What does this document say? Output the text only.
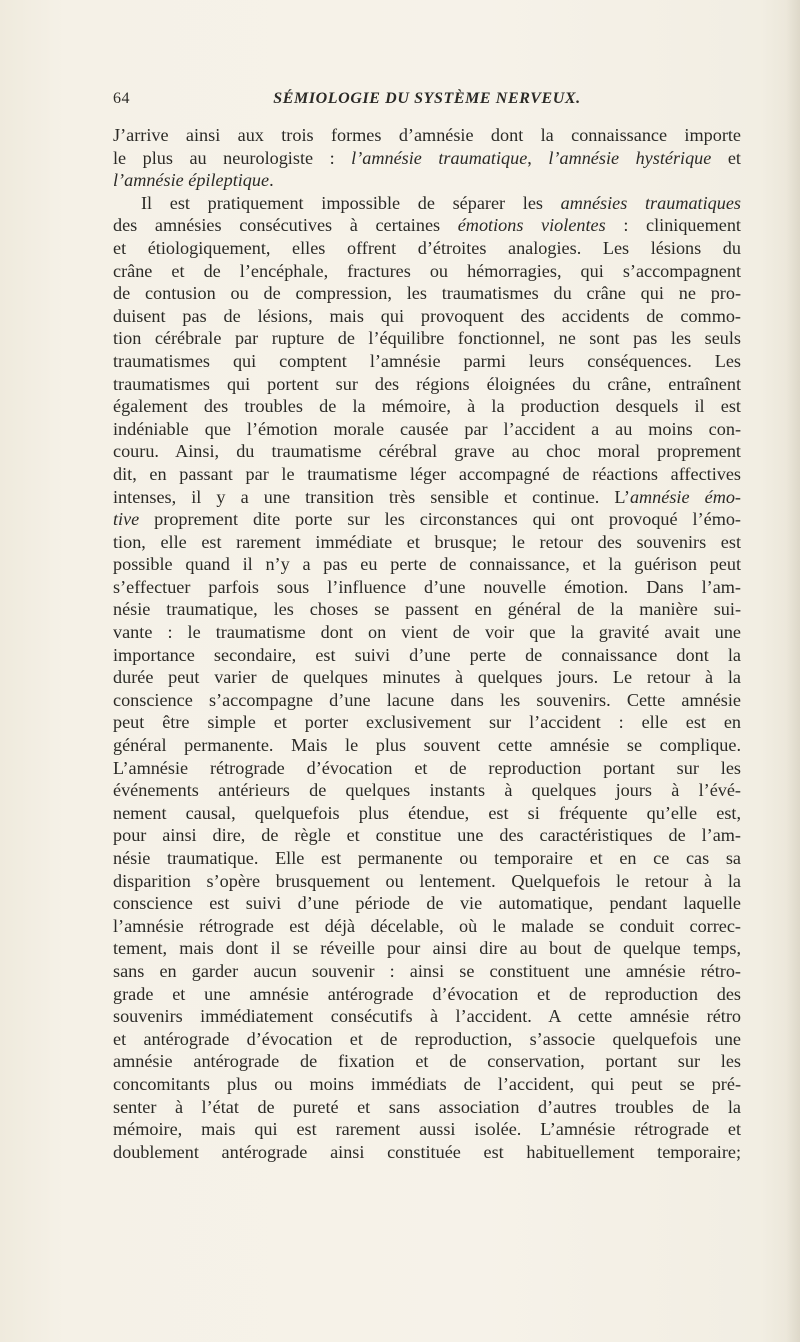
64	SÉMIOLOGIE DU SYSTÈME NERVEUX.
J’arrive ainsi aux trois formes d’amnésie dont la connaissance importe
le plus au neurologiste : l’amnésie traumatique, l’amnésie hystérique et
l’amnésie épileptique.
Il est pratiquement impossible de séparer les amnésies traumatiques
des amnésies consécutives à certaines émotions violentes : cliniquement
et étiologiquement, elles offrent d’étroites analogies. Les lésions du
crâne et de l’encéphale, fractures ou hémorragies, qui s’accompagnent
de contusion ou de compression, les traumatismes du crâne qui ne pro-
duisent pas de lésions, mais qui provoquent des accidents de commo-
tion cérébrale par rupture de l’équilibre fonctionnel, ne sont pas les seuls
traumatismes qui comptent l’amnésie parmi leurs conséquences. Les
traumatismes qui portent sur des régions éloignées du crâne, entraînent
également des troubles de la mémoire, à la production desquels il est
indéniable que l’émotion morale causée par l’accident a au moins con-
couru. Ainsi, du traumatisme cérébral grave au choc moral proprement
dit, en passant par le traumatisme léger accompagné de réactions affectives
intenses, il y a une transition très sensible et continue. L’amnésie émo-
tive proprement dite porte sur les circonstances qui ont provoqué l’émo-
tion, elle est rarement immédiate et brusque; le retour des souvenirs est
possible quand il n’y a pas eu perte de connaissance, et la guérison peut
s’effectuer parfois sous l’influence d’une nouvelle émotion. Dans l’am-
nésie traumatique, les choses se passent en général de la manière sui-
vante : le traumatisme dont on vient de voir que la gravité avait une
importance secondaire, est suivi d’une perte de connaissance dont la
durée peut varier de quelques minutes à quelques jours. Le retour à la
conscience s’accompagne d’une lacune dans les souvenirs. Cette amnésie
peut être simple et porter exclusivement sur l’accident : elle est en
général permanente. Mais le plus souvent cette amnésie se complique.
L’amnésie rétrograde d’évocation et de reproduction portant sur les
événements antérieurs de quelques instants à quelques jours à l’évé-
nement causal, quelquefois plus étendue, est si fréquente qu’elle est,
pour ainsi dire, de règle et constitue une des caractéristiques de l’am-
nésie traumatique. Elle est permanente ou temporaire et en ce cas sa
disparition s’opère brusquement ou lentement. Quelquefois le retour à la
conscience est suivi d’une période de vie automatique, pendant laquelle
l’amnésie rétrograde est déjà décelable, où le malade se conduit correc-
tement, mais dont il se réveille pour ainsi dire au bout de quelque temps,
sans en garder aucun souvenir : ainsi se constituent une amnésie rétro-
grade et une amnésie antérograde d’évocation et de reproduction des
souvenirs immédiatement consécutifs à l’accident. A cette amnésie rétro
et antérograde d’évocation et de reproduction, s’associe quelquefois une
amnésie antérograde de fixation et de conservation, portant sur les
concomitants plus ou moins immédiats de l’accident, qui peut se pré-
senter à l’état de pureté et sans association d’autres troubles de la
mémoire, mais qui est rarement aussi isolée. L’amnésie rétrograde et
doublement antérograde ainsi constituée est habituellement temporaire;
